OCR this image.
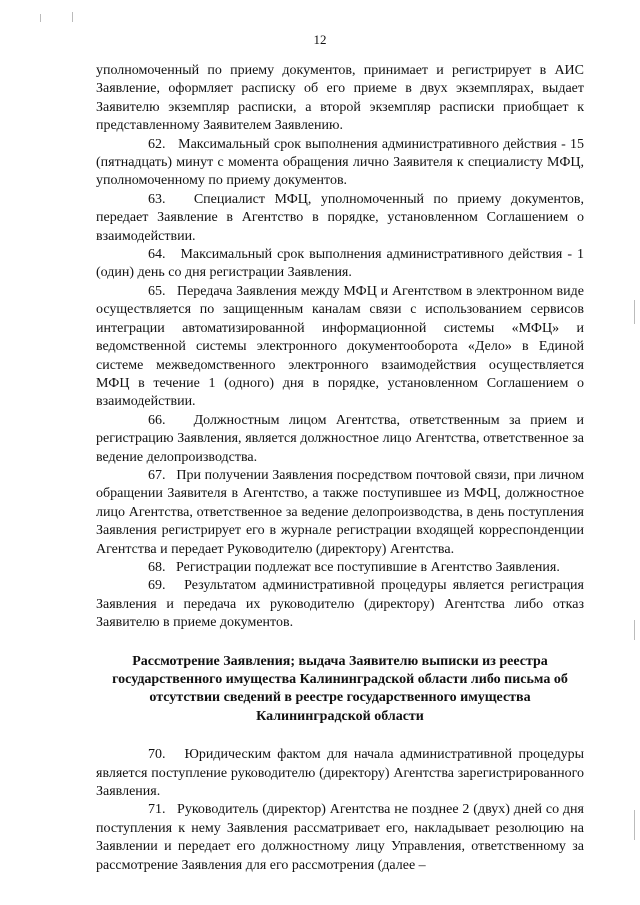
12

уполномоченный по приему документов, принимает и регистрирует в АИС Заявление, оформляет расписку об его приеме в двух экземплярах, выдает Заявителю экземпляр расписки, а второй экземпляр расписки приобщает к представленному Заявителем Заявлению.

62.   Максимальный срок выполнения административного действия - 15 (пятнадцать) минут с момента обращения лично Заявителя к специалисту МФЦ, уполномоченному по приему документов.

63.   Специалист МФЦ, уполномоченный по приему документов, передает Заявление в Агентство в порядке, установленном Соглашением о взаимодействии.

64.   Максимальный срок выполнения административного действия - 1 (один) день со дня регистрации Заявления.

65.   Передача Заявления между МФЦ и Агентством в электронном виде осуществляется по защищенным каналам связи с использованием сервисов интеграции автоматизированной информационной системы «МФЦ» и ведомственной системы электронного документооборота «Дело» в Единой системе межведомственного электронного взаимодействия осуществляется МФЦ в течение 1 (одного) дня в порядке, установленном Соглашением о взаимодействии.

66.   Должностным лицом Агентства, ответственным за прием и регистрацию Заявления, является должностное лицо Агентства, ответственное за ведение делопроизводства.

67.   При получении Заявления посредством почтовой связи, при личном обращении Заявителя в Агентство, а также поступившее из МФЦ, должностное лицо Агентства, ответственное за ведение делопроизводства, в день поступления Заявления регистрирует его в журнале регистрации входящей корреспонденции Агентства и передает Руководителю (директору) Агентства.

68.   Регистрации подлежат все поступившие в Агентство Заявления.

69.   Результатом административной процедуры является регистрация Заявления и передача их руководителю (директору) Агентства либо отказ Заявителю в приеме документов.

Рассмотрение Заявления; выдача Заявителю выписки из реестра
государственного имущества Калининградской области либо письма об
отсутствии сведений в реестре государственного имущества
Калининградской области

70.   Юридическим фактом для начала административной процедуры является поступление руководителю (директору) Агентства зарегистрированного Заявления.

71.   Руководитель (директор) Агентства не позднее 2 (двух) дней со дня поступления к нему Заявления рассматривает его, накладывает резолюцию на Заявлении и передает его должностному лицу Управления, ответственному за рассмотрение Заявления для его рассмотрения (далее –
